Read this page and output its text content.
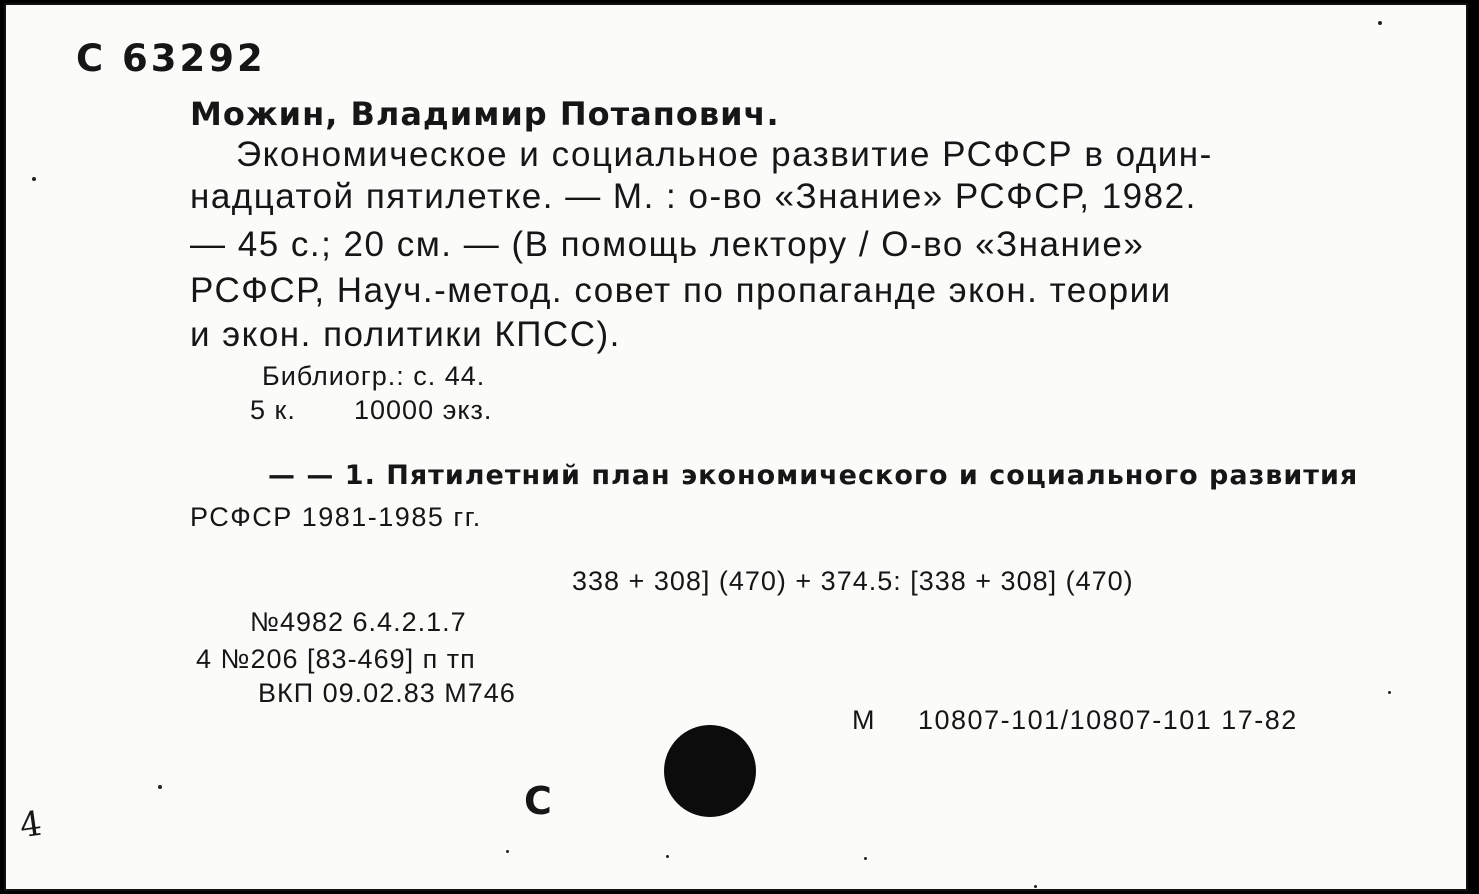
С 63292
Можин, Владимир Потапович.
Экономическое и социальное развитие РСФСР в один-
надцатой пятилетке. — М. : о-во «Знание» РСФСР, 1982.
— 45 с.; 20 см. — (В помощь лектору / О-во «Знание»
РСФСР, Науч.-метод. совет по пропаганде экон. теории
и экон. политики КПСС).
Библиогр.: с. 44.
5 к. 10000 экз.
— — 1. Пятилетний план экономического и социального развития
РСФСР 1981-1985 гг.
338 + 308] (470) + 374.5: [338 + 308] (470)
№4982 6.4.2.1.7
4 №206 [83-469] п тп
ВКП 09.02.83 М746
М 10807-101/10807-101 17-82
С
4
